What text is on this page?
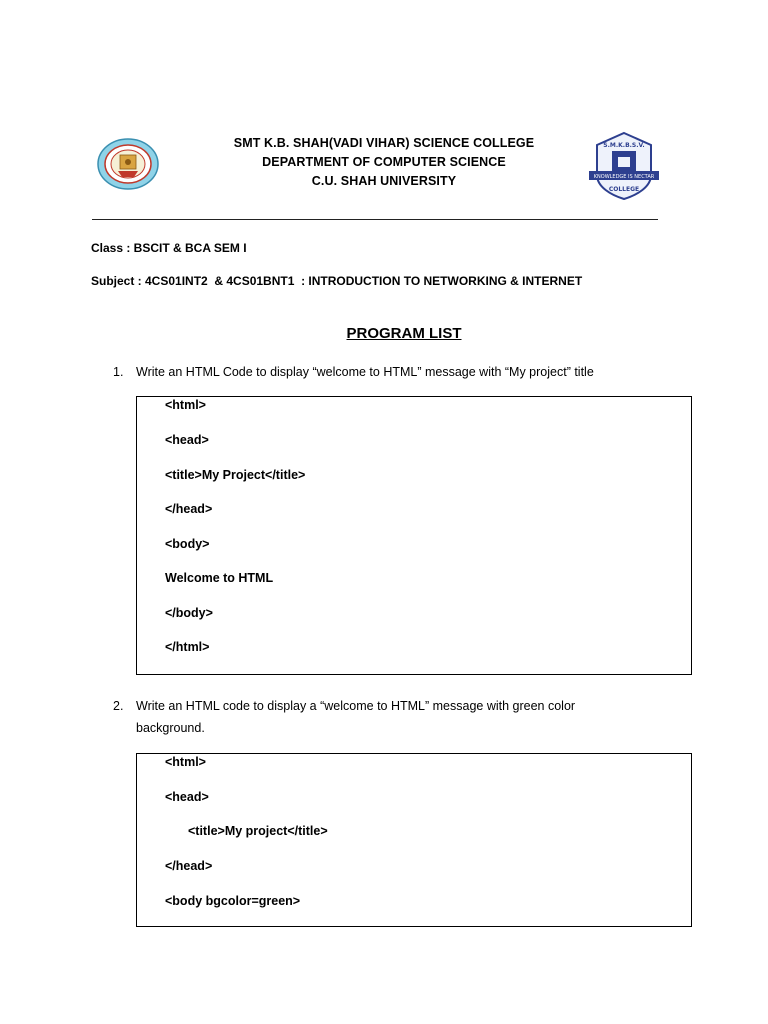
SMT K.B. SHAH(VADI VIHAR) SCIENCE COLLEGE
DEPARTMENT OF COMPUTER SCIENCE
C.U. SHAH UNIVERSITY
S.M.K.B.S.V.
KNOWLEDGE IS NECTAR
COLLEGE
Class : BSCIT & BCA SEM I
Subject : 4CS01INT2  & 4CS01BNT1  : INTRODUCTION TO NETWORKING & INTERNET
PROGRAM LIST
1. Write an HTML Code to display “welcome to HTML” message with “My project” title
<html>
<head>
<title>My Project</title>
</head>
<body>
Welcome to HTML
</body>
</html>
2. Write an HTML code to display a “welcome to HTML” message with green color
background.
<html>
<head>
<title>My project</title>
</head>
<body bgcolor=green>
